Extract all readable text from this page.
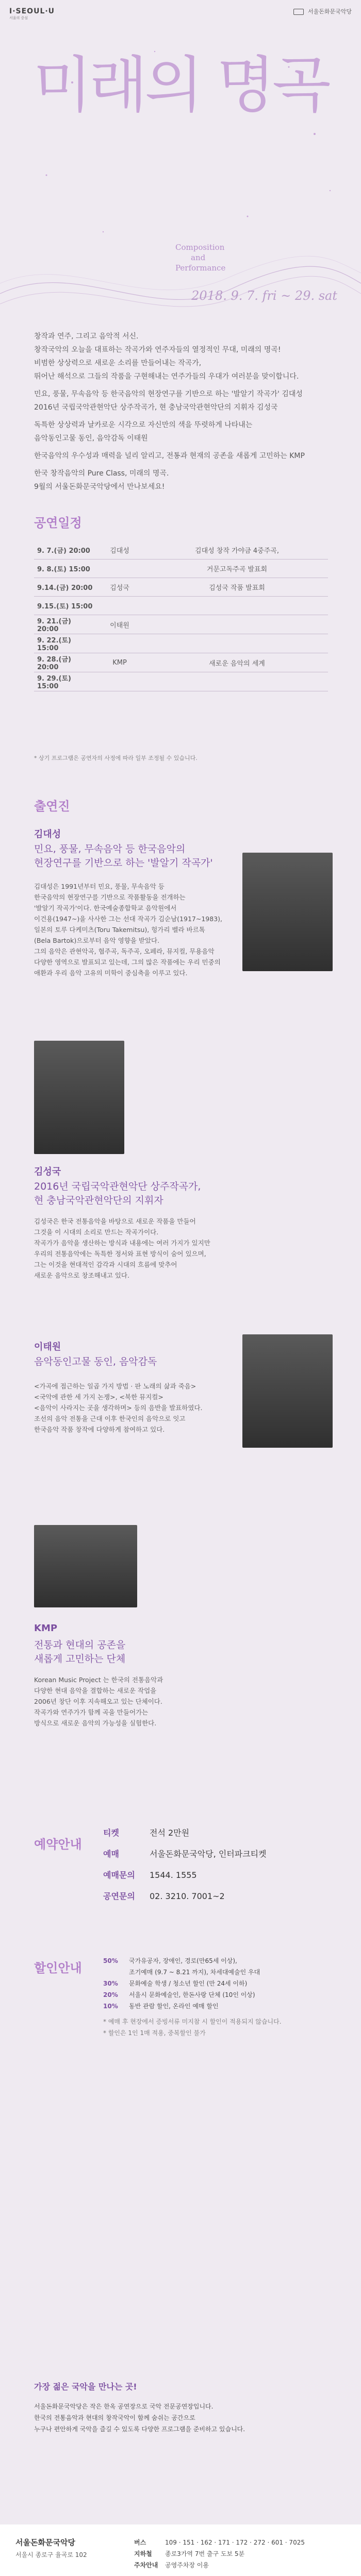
I·SEOUL·U
서울의 중심
서울돈화문국악당
미래의 명곡
Composition
and
Performance
2018. 9. 7. fri ~ 29. sat

창작과 연주, 그리고 음악적 서신.
창작국악의 오늘을 대표하는 작곡가와 연주자들의 열정적인 무대, 미래의 명곡!
비범한 상상력으로 새로운 소리를 만들어내는 작곡가,
뛰어난 해석으로 그들의 작품을 구현해내는 연주가들의 우대가 여러분을 맞이합니다.

민요, 풍물, 무속음악 등 한국음악의 현장연구를 기반으로 하는 '발알기 작곡가' 김대성
2016년 국립국악관현악단 상주작곡가, 현 충남국악관현악단의 지휘자 김성국

독특한 상상력과 날카로운 시각으로 자신만의 색을 뚜렷하게 나타내는
음악동인고물 동인, 음악감독 이태원

한국음악의 우수성과 매력을 널리 알리고, 전통과 현재의 공존을 새롭게 고민하는 KMP

한국 창작음악의 Pure Class, 미래의 명곡.
9월의 서울돈화문국악당에서 만나보세요!

공연일정
9. 7.(금) 20:00	김대성	김대성 창작 가야금 4중주곡,
9. 8.(토) 15:00		거문고독주곡 발표회
9.14.(금) 20:00	김성국	김성국 작품 발표회
9.15.(토) 15:00		
9. 21.(금) 20:00	이태원	
9. 22.(토) 15:00		
9. 28.(금) 20:00	KMP	새로운 음악의 세계
9. 29.(토) 15:00		
* 상기 프로그램은 공연자의 사정에 따라 일부 조정될 수 있습니다.
출연진
김대성
민요, 풍물, 무속음악 등 한국음악의
현장연구를 기반으로 하는 '발알기 작곡가'
김대성은 1991년부터 민요, 풍물, 무속음악 등
한국음악의 현장연구를 기반으로 작품활동을 전개하는
'발알기 작곡가'이다. 한국예술종합학교 음악원에서
이건용(1947~)을 사사한 그는 선대 작곡가 김순남(1917~1983),
일본의 토루 다케미츠(Toru Takemitsu), 헝가리 벨라 바르톡
(Bela Bartok)으로부터 음악 영향을 받았다.
그의 음악은 관현악곡, 협주곡, 독주곡, 오페라, 뮤지컬, 무용음악
다양한 영역으로 발표되고 있는데, 그의 많은 작품에는 우리 민중의
애환과 우리 음악 고유의 미학이 중심축을 이루고 있다.
김성국
2016년 국립국악관현악단 상주작곡가,
현 충남국악관현악단의 지휘자
김성국은 한국 전통음악을 바탕으로 새로운 작품을 만들어
그것을 이 시대의 소리로 만드는 작곡가이다.
작곡가가 음악을 생산하는 방식과 내용에는 여러 가지가 있지만
우리의 전통음악에는 독특한 정서와 표현 방식이 숨어 있으며,
그는 이것을 현대적인 감각과 시대의 흐름에 맞추어
새로운 음악으로 창조해내고 있다.
이태원
음악동인고물 동인, 음악감독
<가곡에 접근하는 일곱 가지 방법 · 판 노래의 삶과 죽음>
<국악에 관한 세 가지 논쟁>, <북한 뮤지컬>
<음악이 사라지는 곳을 생각하며> 등의 음반을 발표하였다.
조선의 음악 전통을 근대 이후 한국인의 음악으로 잇고
한국음악 작품 창작에 다양하게 참여하고 있다.
KMP
전통과 현대의 공존을
새롭게 고민하는 단체
Korean Music Project 는 한국의 전통음악과
다양한 현대 음악을 결합하는 새로운 작업을
2006년 창단 이후 지속해오고 있는 단체이다.
작곡가와 연주가가 함께 곡을 만들어가는
방식으로 새로운 음악의 가능성을 실험한다.
예약안내
티켓	전석 2만원
예매	서울돈화문국악당, 인터파크티켓
예매문의 1544. 1555
공연문의 02. 3210. 7001~2
할인안내	50% 국가유공자, 장애인, 경로(만65세 이상),
조기예매 (9.7 ~ 8.21 까지), 차세대예술인 우대
30% 문화예술 학생 / 청소년 할인 (만 24세 이하)
20% 서울시 문화예술인, 한돈사랑 단체 (10인 이상)
10% 동반 관람 할인, 온라인 예매 할인
* 예매 후 현장에서 증빙서류 미지참 시 할인이 적용되지 않습니다.
* 할인은 1인 1매 적용, 중복할인 불가
가장 젊은 국악을 만나는 곳!
서울돈화문국악당은 작은 한옥 공연장으로 국악 전문공연장입니다.
한국의 전통음악과 현대의 창작국악이 함께 숨쉬는 공간으로
누구나 편안하게 국악을 즐길 수 있도록 다양한 프로그램을 준비하고 있습니다.
서울돈화문국악당
서울시 종로구 율곡로 102
버스	109 · 151 · 162 · 171 · 172 · 272 · 601 · 7025
지하철 종로3가역 7번 출구 도보 5분
주차안내 공영주차장 이용
